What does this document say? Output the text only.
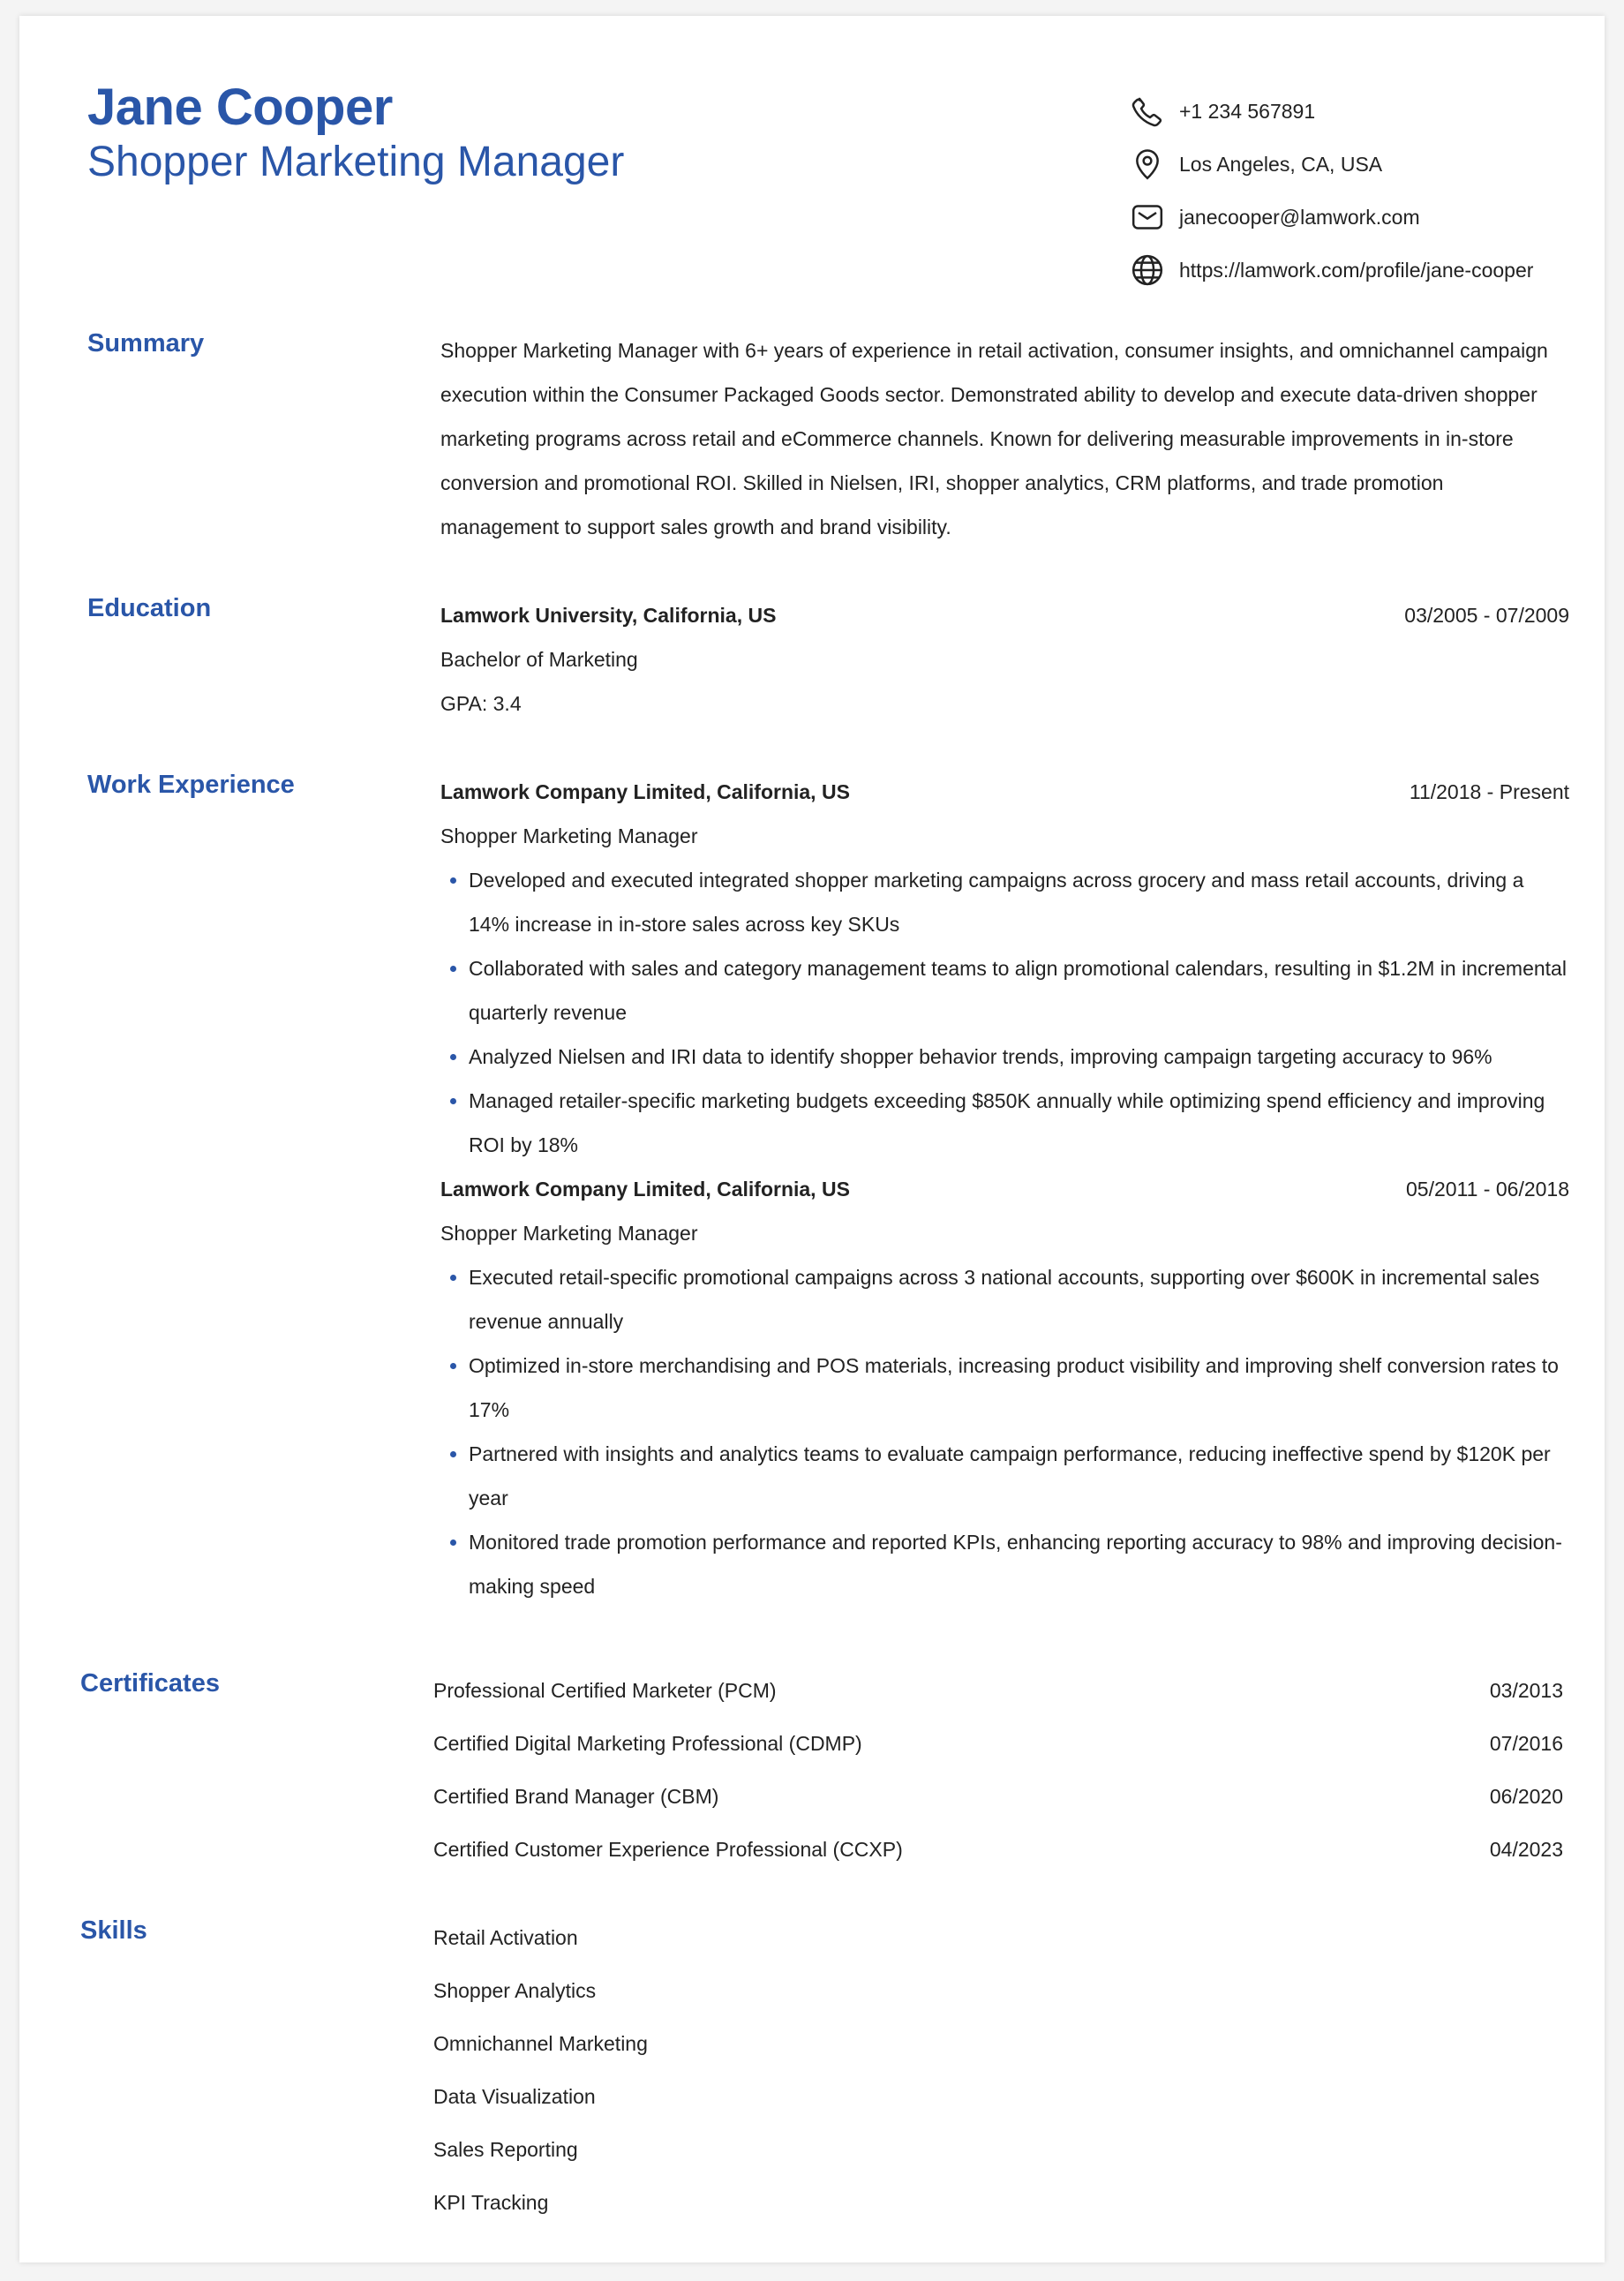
Jane Cooper
Shopper Marketing Manager
+1 234 567891
Los Angeles, CA, USA
janecooper@lamwork.com
https://lamwork.com/profile/jane-cooper
Summary	Shopper Marketing Manager with 6+ years of experience in retail activation, consumer insights, and omnichannel campaign execution within the Consumer Packaged Goods sector. Demonstrated ability to develop and execute data-driven shopper marketing programs across retail and eCommerce channels. Known for delivering measurable improvements in in-store conversion and promotional ROI. Skilled in Nielsen, IRI, shopper analytics, CRM platforms, and trade promotion management to support sales growth and brand visibility.
Education	Lamwork University, California, US	03/2005 - 07/2009
Bachelor of Marketing
GPA: 3.4
Work Experience	Lamwork Company Limited, California, US	11/2018 - Present
Shopper Marketing Manager
Developed and executed integrated shopper marketing campaigns across grocery and mass retail accounts, driving a 14% increase in in-store sales across key SKUs
Collaborated with sales and category management teams to align promotional calendars, resulting in $1.2M in incremental quarterly revenue
Analyzed Nielsen and IRI data to identify shopper behavior trends, improving campaign targeting accuracy to 96%
Managed retailer-specific marketing budgets exceeding $850K annually while optimizing spend efficiency and improving ROI by 18%
Lamwork Company Limited, California, US	05/2011 - 06/2018
Shopper Marketing Manager
Executed retail-specific promotional campaigns across 3 national accounts, supporting over $600K in incremental sales revenue annually
Optimized in-store merchandising and POS materials, increasing product visibility and improving shelf conversion rates to 17%
Partnered with insights and analytics teams to evaluate campaign performance, reducing ineffective spend by $120K per year
Monitored trade promotion performance and reported KPIs, enhancing reporting accuracy to 98% and improving decision-making speed
Certificates	Professional Certified Marketer (PCM)	03/2013
Certified Digital Marketing Professional (CDMP)	07/2016
Certified Brand Manager (CBM)	06/2020
Certified Customer Experience Professional (CCXP)	04/2023
Skills	Retail Activation
Shopper Analytics
Omnichannel Marketing
Data Visualization
Sales Reporting
KPI Tracking
